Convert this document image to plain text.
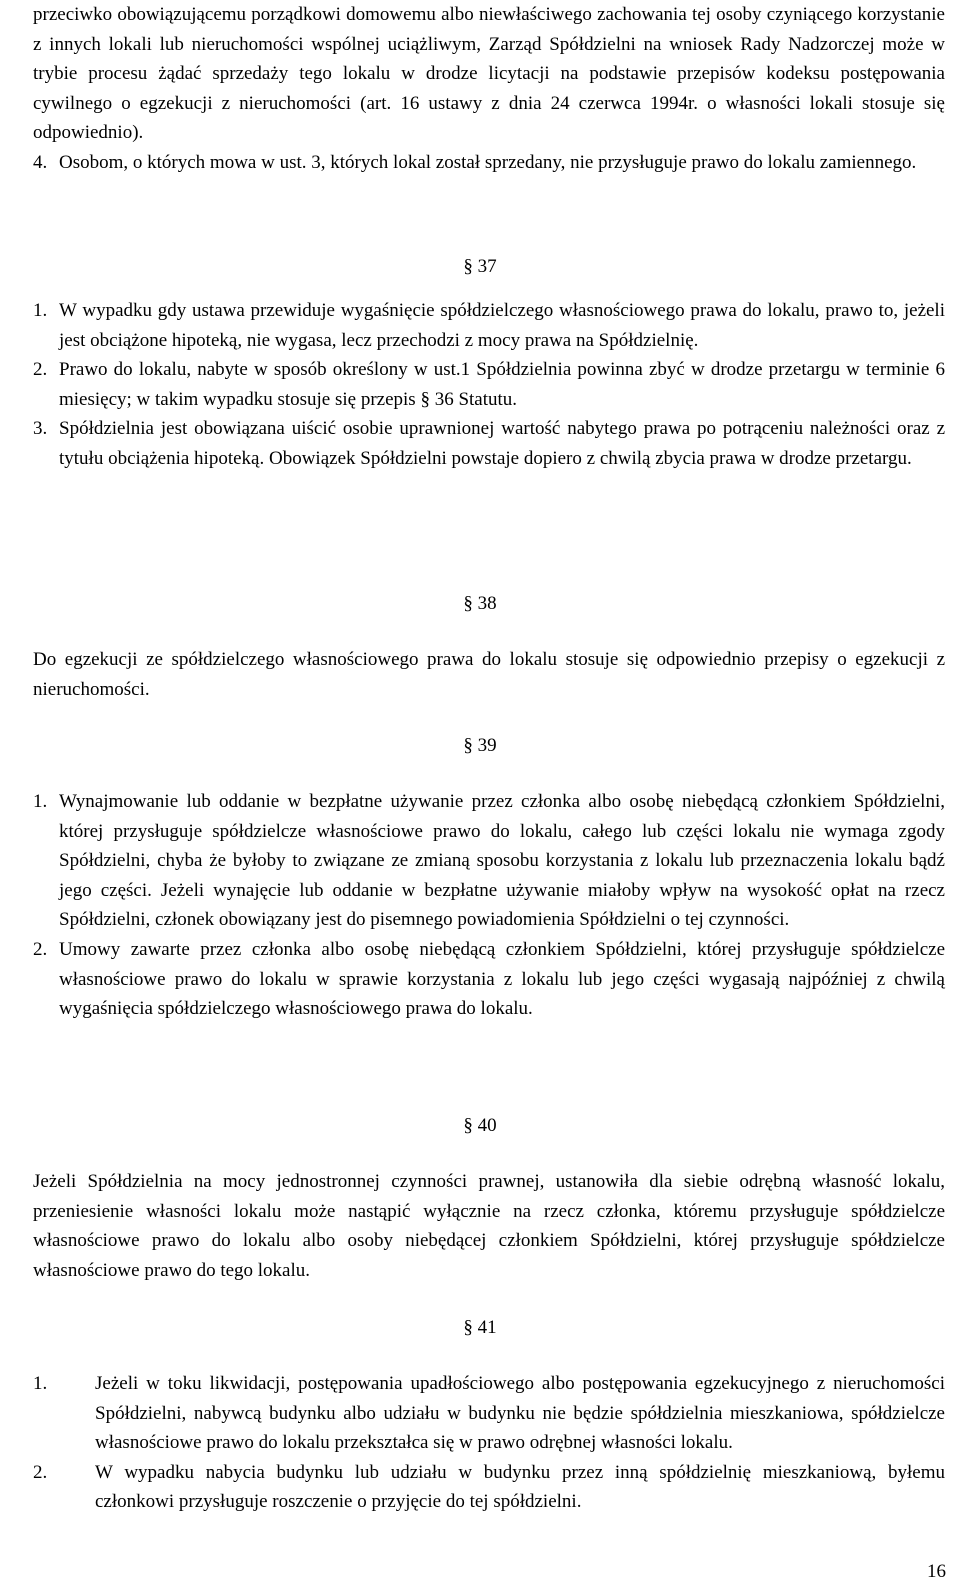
przeciwko obowiązującemu porządkowi domowemu albo niewłaściwego zachowania tej osoby czyniącego korzystanie z innych lokali lub nieruchomości wspólnej uciążliwym, Zarząd Spółdzielni na wniosek Rady Nadzorczej może w trybie procesu żądać sprzedaży tego lokalu w drodze licytacji na podstawie przepisów kodeksu postępowania cywilnego o egzekucji z nieruchomości (art. 16 ustawy z dnia 24 czerwca 1994r. o własności lokali stosuje się odpowiednio).

4. Osobom, o których mowa w ust. 3, których lokal został sprzedany, nie przysługuje prawo do lokalu zamiennego.
§ 37
1. W wypadku gdy ustawa przewiduje wygaśnięcie spółdzielczego własnościowego prawa do lokalu, prawo to, jeżeli jest obciążone hipoteką, nie wygasa, lecz przechodzi z mocy prawa na Spółdzielnię.
2. Prawo do lokalu, nabyte w sposób określony w ust.1 Spółdzielnia powinna zbyć w drodze przetargu w terminie 6 miesięcy; w takim wypadku stosuje się przepis § 36 Statutu.
3. Spółdzielnia jest obowiązana uiścić osobie uprawnionej wartość nabytego prawa po potrąceniu należności oraz z tytułu obciążenia hipoteką. Obowiązek Spółdzielni powstaje dopiero z chwilą zbycia prawa w drodze przetargu.
§ 38

Do egzekucji ze spółdzielczego własnościowego prawa do lokalu stosuje się odpowiednio przepisy o egzekucji z nieruchomości.

§ 39
1. Wynajmowanie lub oddanie w bezpłatne używanie przez członka albo osobę niebędącą członkiem Spółdzielni, której przysługuje spółdzielcze własnościowe prawo do lokalu, całego lub części lokalu nie wymaga zgody Spółdzielni, chyba że byłoby to związane ze zmianą sposobu korzystania z lokalu lub przeznaczenia lokalu bądź jego części. Jeżeli wynajęcie lub oddanie w bezpłatne używanie miałoby wpływ na wysokość opłat na rzecz Spółdzielni, członek obowiązany jest do pisemnego powiadomienia Spółdzielni o tej czynności.
2. Umowy zawarte przez członka albo osobę niebędącą członkiem Spółdzielni, której przysługuje spółdzielcze własnościowe prawo do lokalu w sprawie korzystania z lokalu lub jego części wygasają najpóźniej z chwilą wygaśnięcia spółdzielczego własnościowego prawa do lokalu.
§ 40

Jeżeli Spółdzielnia na mocy jednostronnej czynności prawnej, ustanowiła dla siebie odrębną własność lokalu, przeniesienie własności lokalu może nastąpić wyłącznie na rzecz członka, któremu przysługuje spółdzielcze własnościowe prawo do lokalu albo osoby niebędącej członkiem Spółdzielni, której przysługuje spółdzielcze własnościowe prawo do tego lokalu.

§ 41
1.	Jeżeli w toku likwidacji, postępowania upadłościowego albo postępowania egzekucyjnego z nieruchomości Spółdzielni, nabywcą budynku albo udziału w budynku nie będzie spółdzielnia mieszkaniowa, spółdzielcze własnościowe prawo do lokalu przekształca się w prawo odrębnej własności lokalu.
2.	W wypadku nabycia budynku lub udziału w budynku przez inną spółdzielnię mieszkaniową, byłemu członkowi przysługuje roszczenie o przyjęcie do tej spółdzielni.
16
